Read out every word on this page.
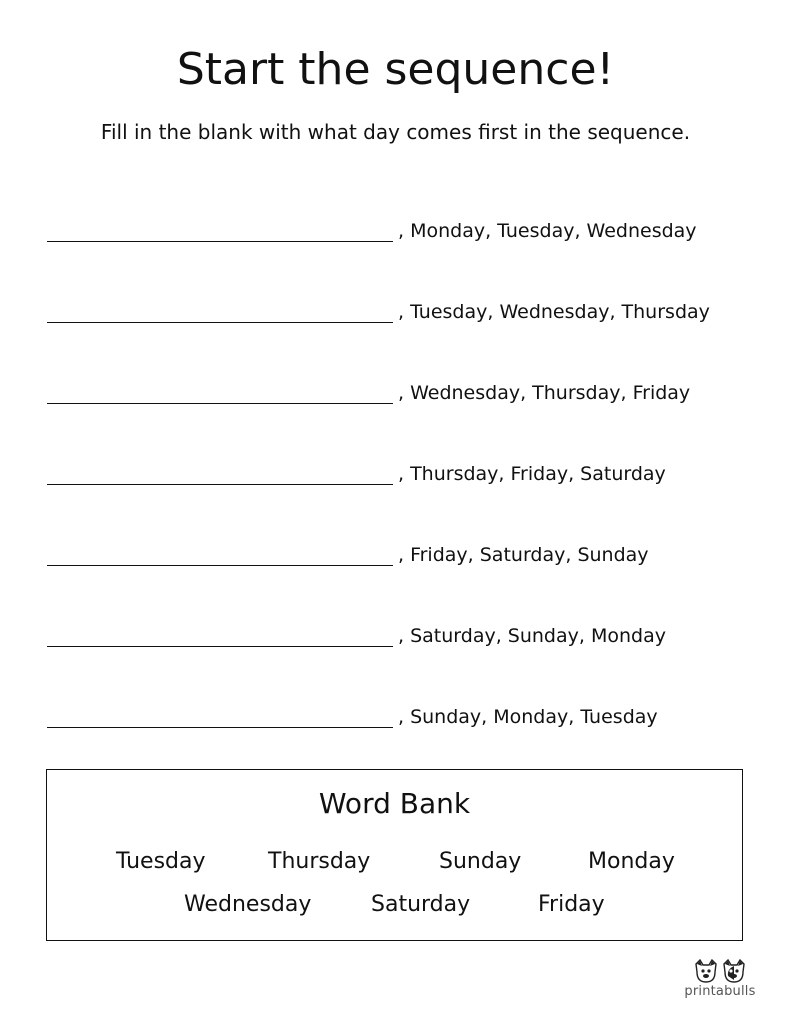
Start the sequence!

Fill in the blank with what day comes first in the sequence.

, Monday, Tuesday, Wednesday
, Tuesday, Wednesday, Thursday
, Wednesday, Thursday, Friday
, Thursday, Friday, Saturday
, Friday, Saturday, Sunday
, Saturday, Sunday, Monday
, Sunday, Monday, Tuesday
Word Bank
Tuesday	Thursday	Sunday	Monday
Wednesday	Saturday	Friday
printabulls
